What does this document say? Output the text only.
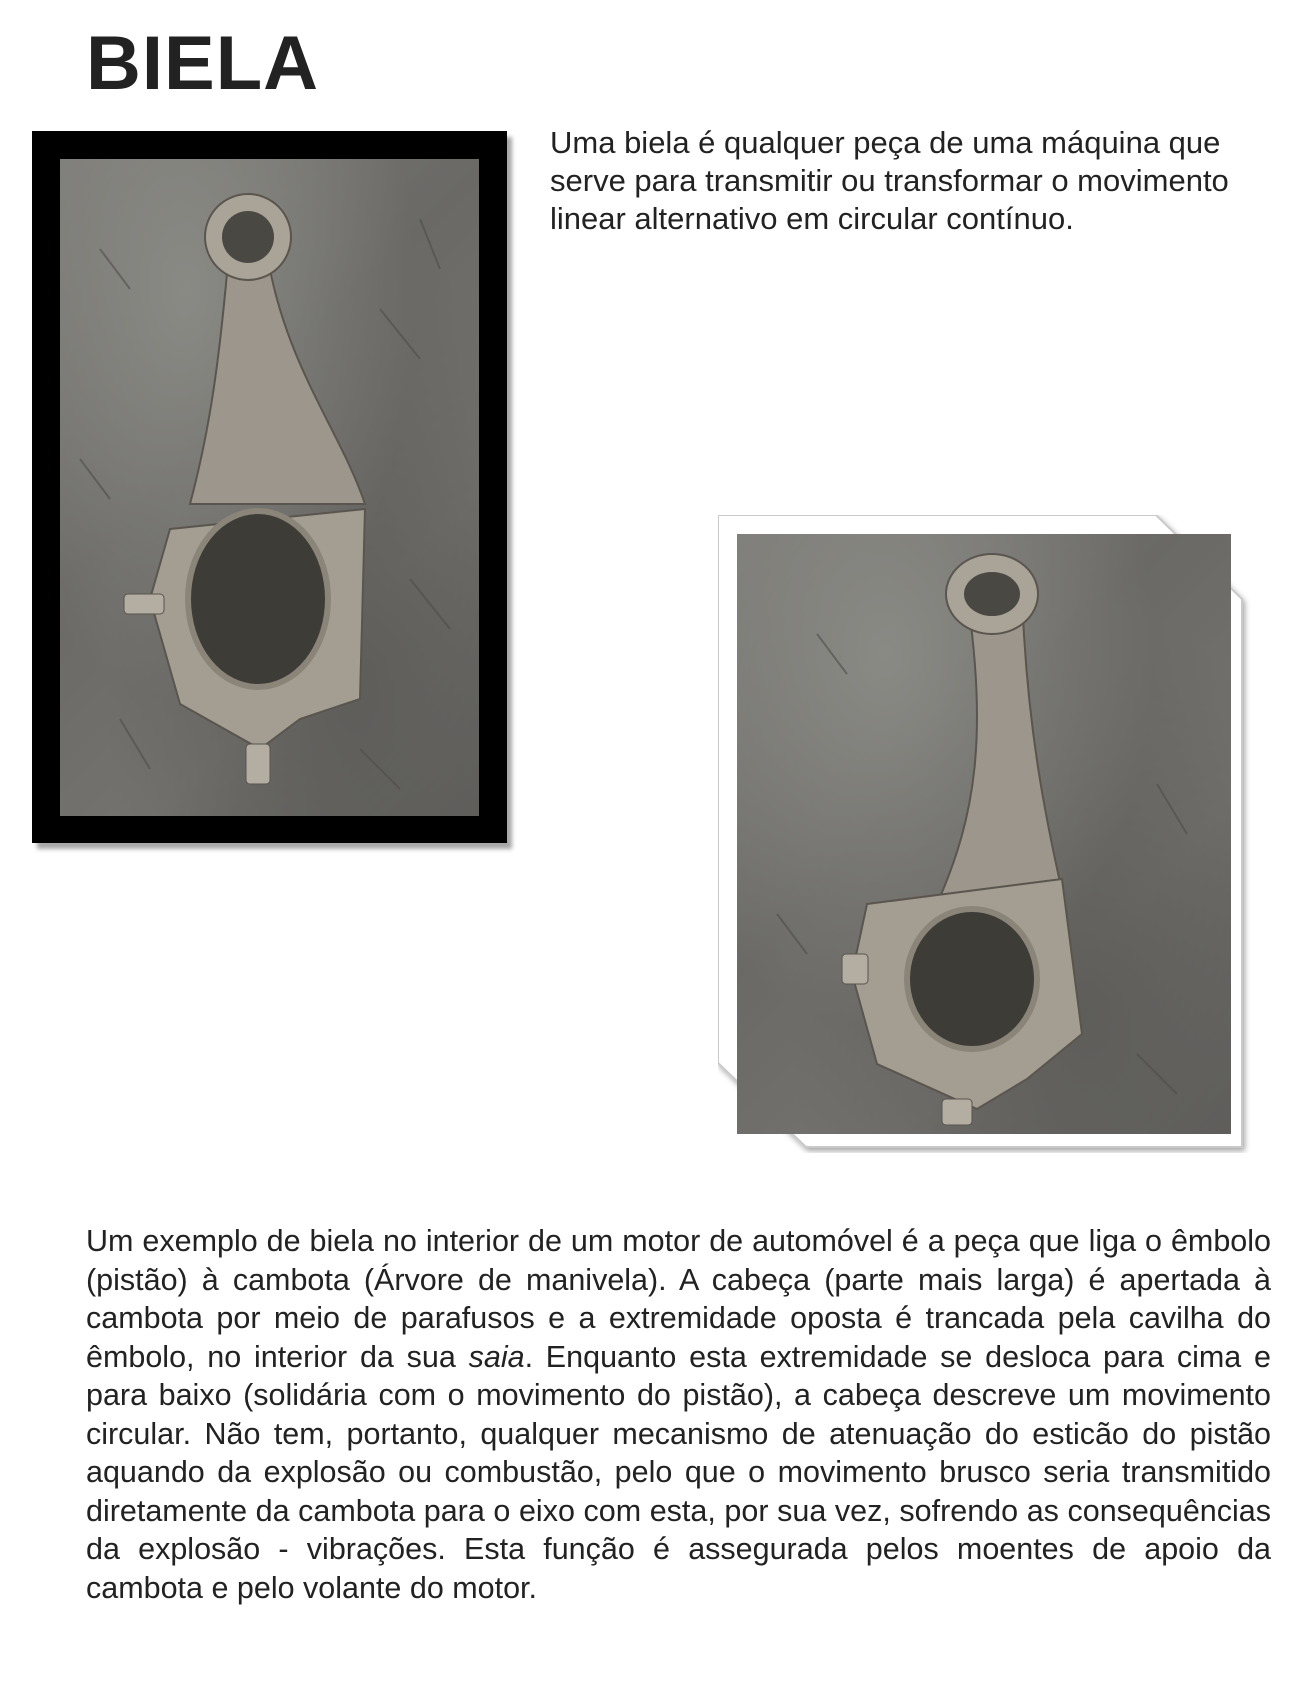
BIELA

Uma biela é qualquer peça de uma máquina que serve para transmitir ou transformar o movimento linear alternativo em circular contínuo.

Um exemplo de biela no interior de um motor de automóvel é a peça que liga o êmbolo (pistão) à cambota (Árvore de manivela). A cabeça (parte mais larga) é apertada à cambota por meio de parafusos e a extremidade oposta é trancada pela cavilha do êmbolo, no interior da sua saia. Enquanto esta extremidade se desloca para cima e para baixo (solidária com o movimento do pistão), a cabeça descreve um movimento circular. Não tem, portanto, qualquer mecanismo de atenuação do esticão do pistão aquando da explosão ou combustão, pelo que o movimento brusco seria transmitido diretamente da cambota para o eixo com esta, por sua vez, sofrendo as consequências da explosão - vibrações. Esta função é assegurada pelos moentes de apoio da cambota e pelo volante do motor.
